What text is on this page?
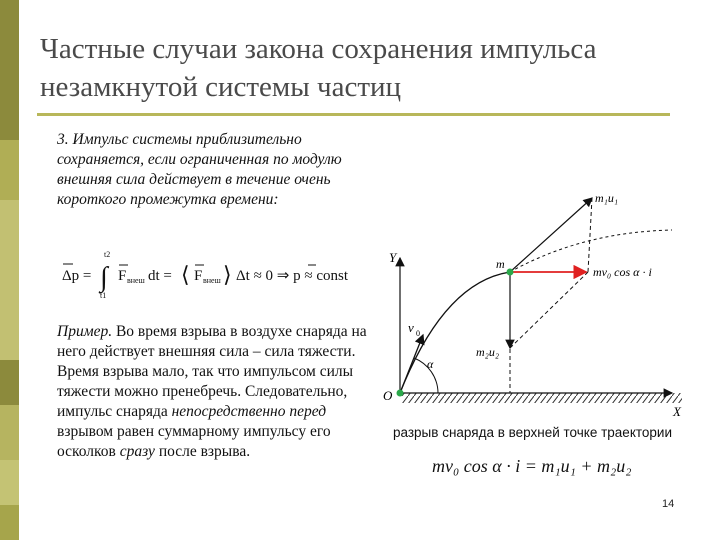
Частные случаи закона сохранения импульса
незамкнутой системы частиц
3. Импульс системы приблизительно сохраняется, если ограниченная по модулю внешняя сила действует в течение очень короткого промежутка времени:
Δp = ∫
t2
t1
F внеш dt = ⟨ F внеш ⟩ Δt ≈ 0 ⇒ p ≈ const
Пример. Во время взрыва в воздухе снаряда на него действует внешняя сила – сила тяжести. Время взрыва мало, так что импульсом силы тяжести можно пренебречь. Следовательно, импульс снаряда непосредственно перед взрывом равен суммарному импульсу его осколков сразу после взрыва.
Y
X
O
v 0
α
m
m₁u₁
m₂u₂
mv₀ cos α · i
разрыв снаряда в верхней точке траектории
mv₀ cos α · i = m₁u₁ + m₂u₂
14
